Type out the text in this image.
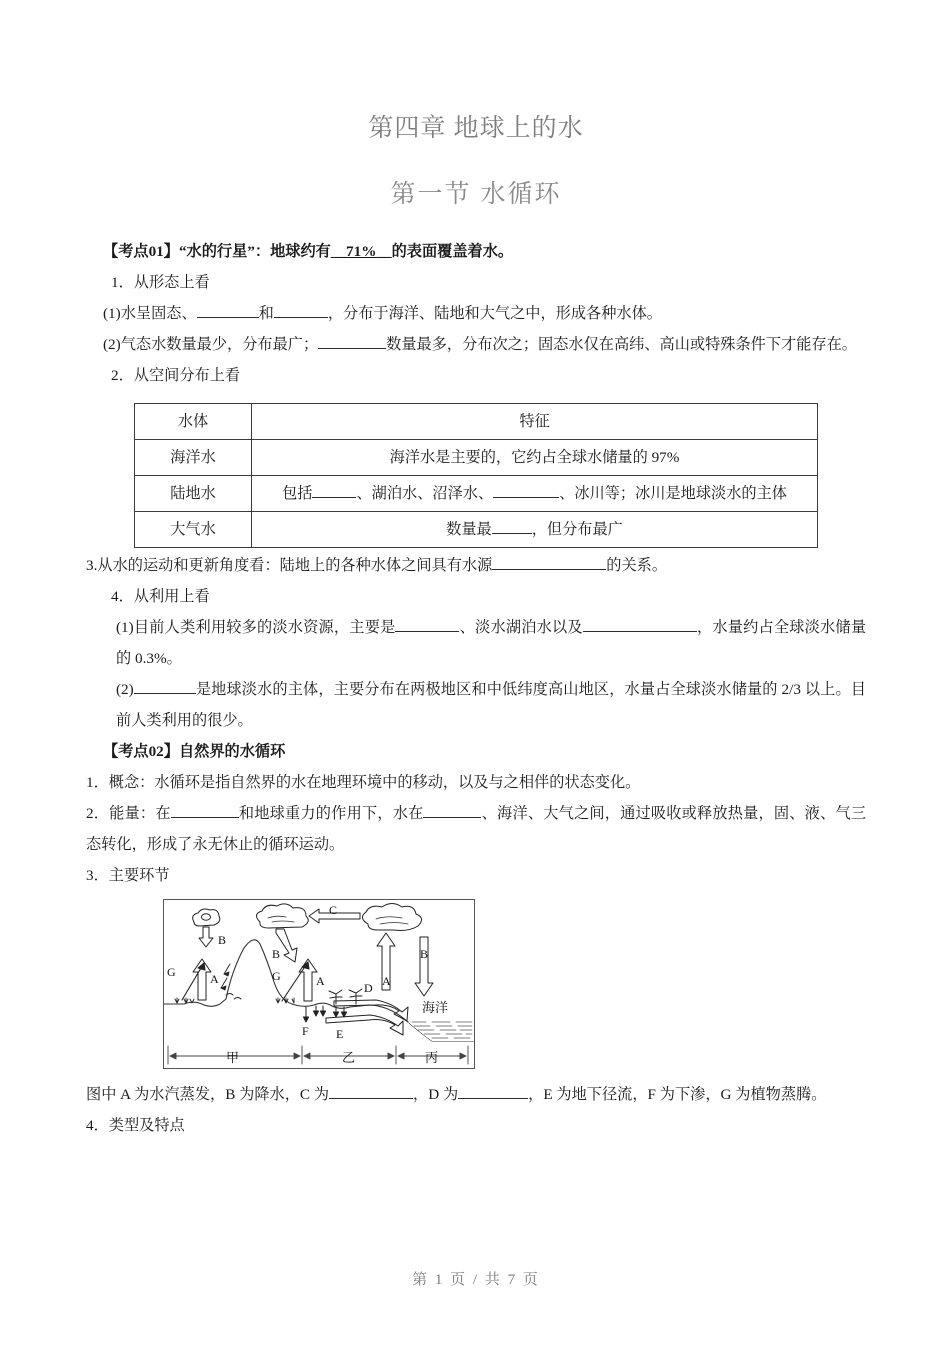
第四章 地球上的水
第一节 水循环

【考点01】“水的行星”：地球约有__71%__的表面覆盖着水。

1．从形态上看

(1)水呈固态、	和	，分布于海洋、陆地和大气之中，形成各种水体。

(2)气态水数量最少，分布最广；	数量最多，分布次之；固态水仅在高纬、高山或特殊条件下才能存在。

2．从空间分布上看

水体	特征
海洋水	海洋水是主要的，它约占全球水储量的 97%
陆地水	包括 、湖泊水、沼泽水、 、冰川等；冰川是地球淡水的主体
大气水	数量最 ，但分布最广

3.从水的运动和更新角度看：陆地上的各种水体之间具有水源	的关系。

4．从利用上看

(1)目前人类利用较多的淡水资源，主要是	、淡水湖泊水以及	，水量约占全球淡水储量的 0.3%。

(2)	是地球淡水的主体，主要分布在两极地区和中低纬度高山地区，水量占全球淡水储量的 2/3 以上。目前人类利用的很少。

【考点02】自然界的水循环

1．概念：水循环是指自然界的水在地理环境中的移动，以及与之相伴的状态变化。

2．能量：在	和地球重力的作用下，水在	、海洋、大气之间，通过吸收或释放热量，固、液、气三态转化，形成了永无休止的循环运动。

3．主要环节

B
B
C
B
A
G	A	G	A	D
F E
海洋
甲	乙	丙

图中 A 为水汽蒸发，B 为降水，C 为	，D 为	，E 为地下径流，F 为下渗，G 为植物蒸腾。

4．类型及特点

第 1 页 / 共 7 页
